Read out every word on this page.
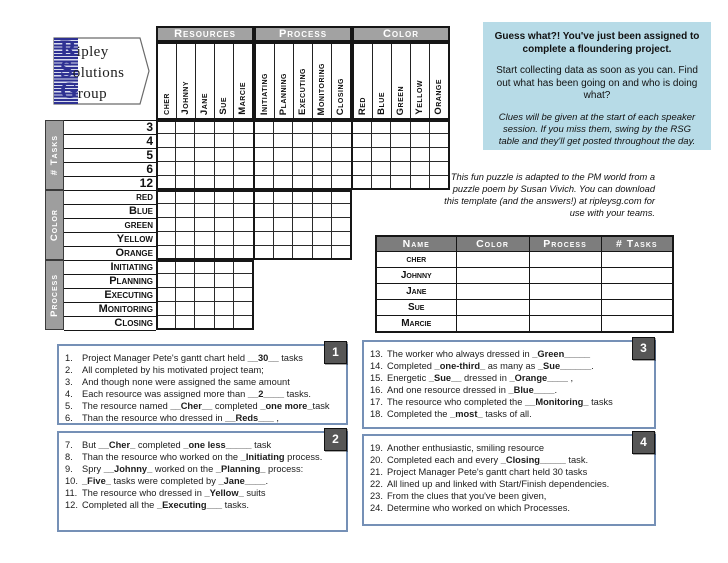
R ipley
S olutions
G roup
Resources	Process	Color
cher Johnny Jane Sue Marcie Initiating Planning Executing Monitoring Closing Red Blue Green Yellow Orange
# Tasks
Color
Process
3
4
5
6
12
red
Blue
green
Yellow
Orange
Initiating
Planning
Executing
Monitoring
Closing
Guess what?! You've just been assigned to complete a floundering project.
Start collecting data as soon as you can. Find out what has been going on and who is doing what?
Clues will be given at the start of each speaker session. If you miss them, swing by the RSG table and they'll get posted throughout the day.
This fun puzzle is adapted to the PM world from a puzzle poem by Susan Vivich. You can download this template (and the answers!) at ripleysg.com for use with your teams.
Name	Color	Process	# Tasks
cher			
Johnny			
Jane			
Sue			
Marcie			
1
1. Project Manager Pete's gantt chart held __30__ tasks
2. All completed by his motivated project team;
3. And though none were assigned the same amount
4. Each resource was assigned more than __2____ tasks.
5. The resource named __Cher__ completed _one more_task
6. Than the resource who dressed in __Reds___ ,
2
7. But __Cher_ completed _one less_____ task
8. Than the resource who worked on the _Initiating process.
9. Spry __Johnny_ worked on the _Planning_ process:
10. _Five_ tasks were completed by _Jane____.
11. The resource who dressed in _Yellow_ suits
12. Completed all the _Executing___ tasks.
3
13. The worker who always dressed in _Green_____
14. Completed _one-third_ as many as _Sue______.
15. Energetic _Sue__ dressed in _Orange____ ,
16. And one resource dressed in _Blue____.
17. The resource who completed the __Monitoring_ tasks
18. Completed the _most_ tasks of all.
4
19. Another enthusiastic, smiling resource
20. Completed each and every _Closing_____ task.
21. Project Manager Pete's gantt chart held 30 tasks
22. All lined up and linked with Start/Finish dependencies.
23. From the clues that you've been given,
24. Determine who worked on which Processes.
